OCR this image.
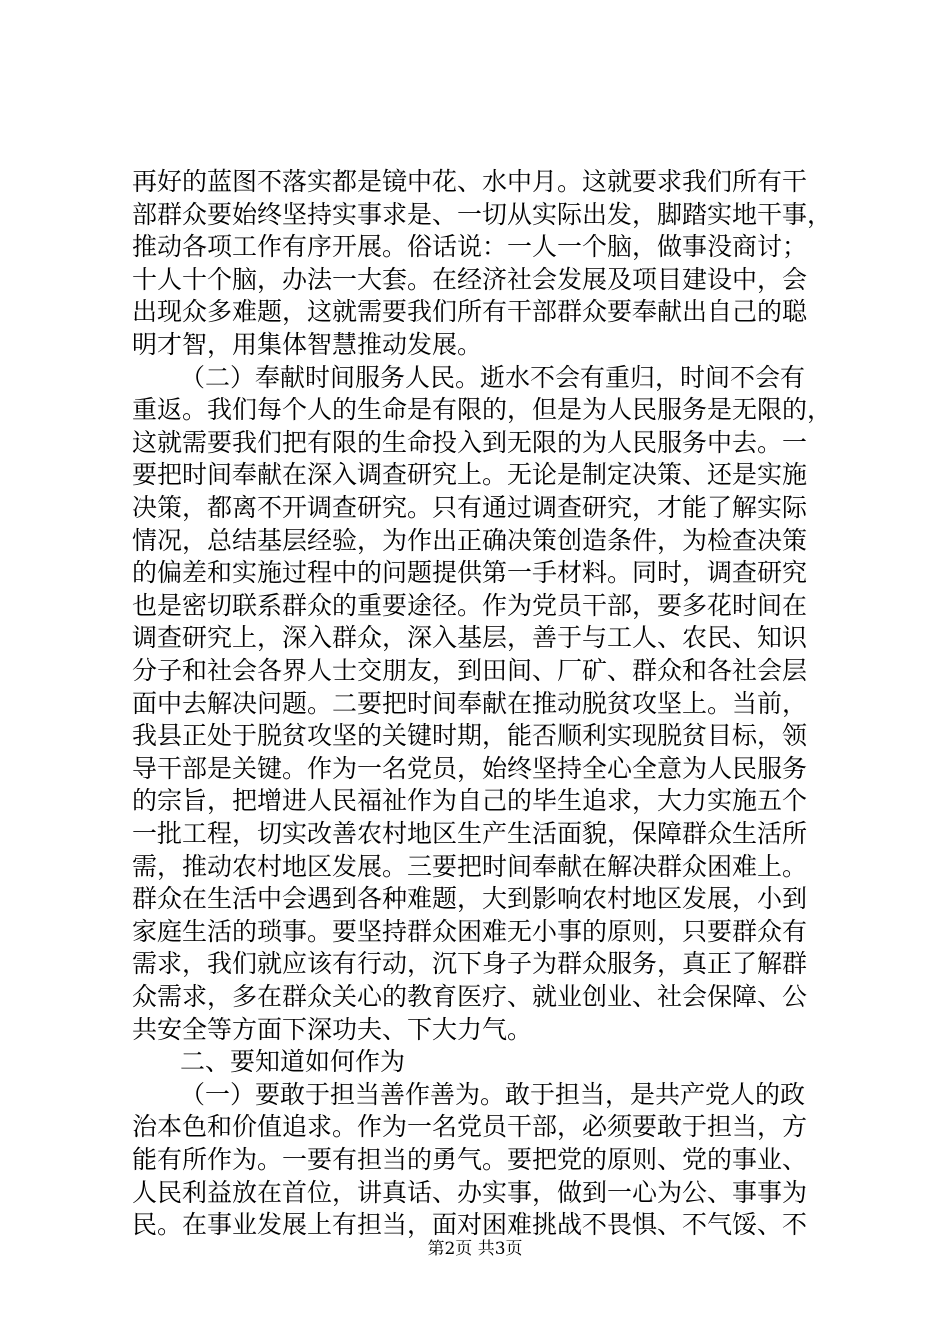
再好的蓝图不落实都是镜中花、水中月。这就要求我们所有干
部群众要始终坚持实事求是、一切从实际出发，脚踏实地干事，
推动各项工作有序开展。俗话说：一人一个脑，做事没商讨；
十人十个脑，办法一大套。在经济社会发展及项目建设中，会
出现众多难题，这就需要我们所有干部群众要奉献出自己的聪
明才智，用集体智慧推动发展。
（二）奉献时间服务人民。逝水不会有重归，时间不会有
重返。我们每个人的生命是有限的，但是为人民服务是无限的，
这就需要我们把有限的生命投入到无限的为人民服务中去。一
要把时间奉献在深入调查研究上。无论是制定决策、还是实施
决策，都离不开调查研究。只有通过调查研究，才能了解实际
情况，总结基层经验，为作出正确决策创造条件，为检查决策
的偏差和实施过程中的问题提供第一手材料。同时，调查研究
也是密切联系群众的重要途径。作为党员干部，要多花时间在
调查研究上，深入群众，深入基层，善于与工人、农民、知识
分子和社会各界人士交朋友，到田间、厂矿、群众和各社会层
面中去解决问题。二要把时间奉献在推动脱贫攻坚上。当前，
我县正处于脱贫攻坚的关键时期，能否顺利实现脱贫目标，领
导干部是关键。作为一名党员，始终坚持全心全意为人民服务
的宗旨，把增进人民福祉作为自己的毕生追求，大力实施五个
一批工程，切实改善农村地区生产生活面貌，保障群众生活所
需，推动农村地区发展。三要把时间奉献在解决群众困难上。
群众在生活中会遇到各种难题，大到影响农村地区发展，小到
家庭生活的琐事。要坚持群众困难无小事的原则，只要群众有
需求，我们就应该有行动，沉下身子为群众服务，真正了解群
众需求，多在群众关心的教育医疗、就业创业、社会保障、公
共安全等方面下深功夫、下大力气。
二、要知道如何作为
（一）要敢于担当善作善为。敢于担当，是共产党人的政
治本色和价值追求。作为一名党员干部，必须要敢于担当，方
能有所作为。一要有担当的勇气。要把党的原则、党的事业、
人民利益放在首位，讲真话、办实事，做到一心为公、事事为
民。在事业发展上有担当，面对困难挑战不畏惧、不气馁、不
第2页 共3页
